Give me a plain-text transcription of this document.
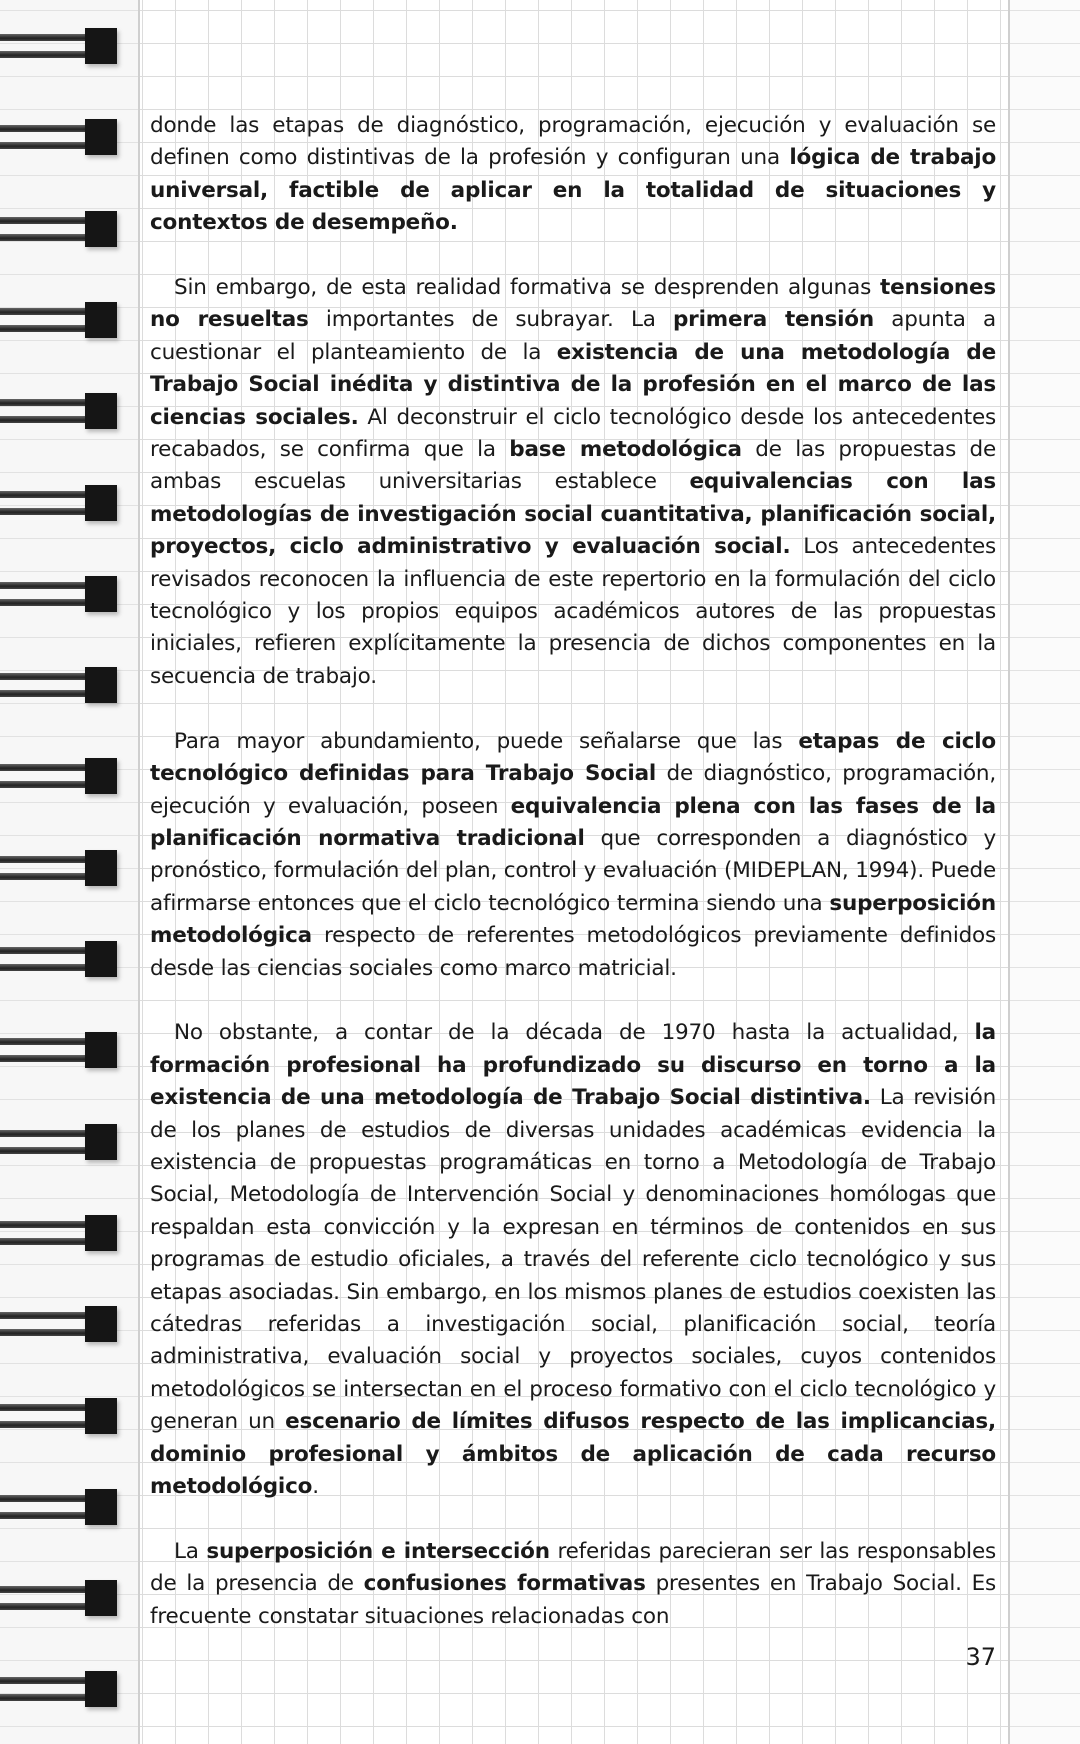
donde las etapas de diagnóstico, programación, ejecución y evaluación se definen como distintivas de la profesión y configuran una lógica de trabajo universal, factible de aplicar en la totalidad de situaciones y contextos de desempeño.

Sin embargo, de esta realidad formativa se desprenden algunas tensiones no resueltas importantes de subrayar. La primera tensión apunta a cuestionar el planteamiento de la existencia de una metodología de Trabajo Social inédita y distintiva de la profesión en el marco de las ciencias sociales. Al deconstruir el ciclo tecnológico desde los antecedentes recabados, se confirma que la base metodológica de las propuestas de ambas escuelas universitarias establece equivalencias con las metodologías de investigación social cuantitativa, planificación social, proyectos, ciclo administrativo y evaluación social. Los antecedentes revisados reconocen la influencia de este repertorio en la formulación del ciclo tecnológico y los propios equipos académicos autores de las propuestas iniciales, refieren explícitamente la presencia de dichos componentes en la secuencia de trabajo.

Para mayor abundamiento, puede señalarse que las etapas de ciclo tecnológico definidas para Trabajo Social de diagnóstico, programación, ejecución y evaluación, poseen equivalencia plena con las fases de la planificación normativa tradicional que corresponden a diagnóstico y pronóstico, formulación del plan, control y evaluación (MIDEPLAN, 1994). Puede afirmarse entonces que el ciclo tecnológico termina siendo una superposición metodológica respecto de referentes metodológicos previamente definidos desde las ciencias sociales como marco matricial.

No obstante, a contar de la década de 1970 hasta la actualidad, la formación profesional ha profundizado su discurso en torno a la existencia de una metodología de Trabajo Social distintiva. La revisión de los planes de estudios de diversas unidades académicas evidencia la existencia de propuestas programáticas en torno a Metodología de Trabajo Social, Metodología de Intervención Social y denominaciones homólogas que respaldan esta convicción y la expresan en términos de contenidos en sus programas de estudio oficiales, a través del referente ciclo tecnológico y sus etapas asociadas. Sin embargo, en los mismos planes de estudios coexisten las cátedras referidas a investigación social, planificación social, teoría administrativa, evaluación social y proyectos sociales, cuyos contenidos metodológicos se intersectan en el proceso formativo con el ciclo tecnológico y generan un escenario de límites difusos respecto de las implicancias, dominio profesional y ámbitos de aplicación de cada recurso metodológico.

La superposición e intersección referidas parecieran ser las responsables de la presencia de confusiones formativas presentes en Trabajo Social. Es frecuente constatar situaciones relacionadas con

37
